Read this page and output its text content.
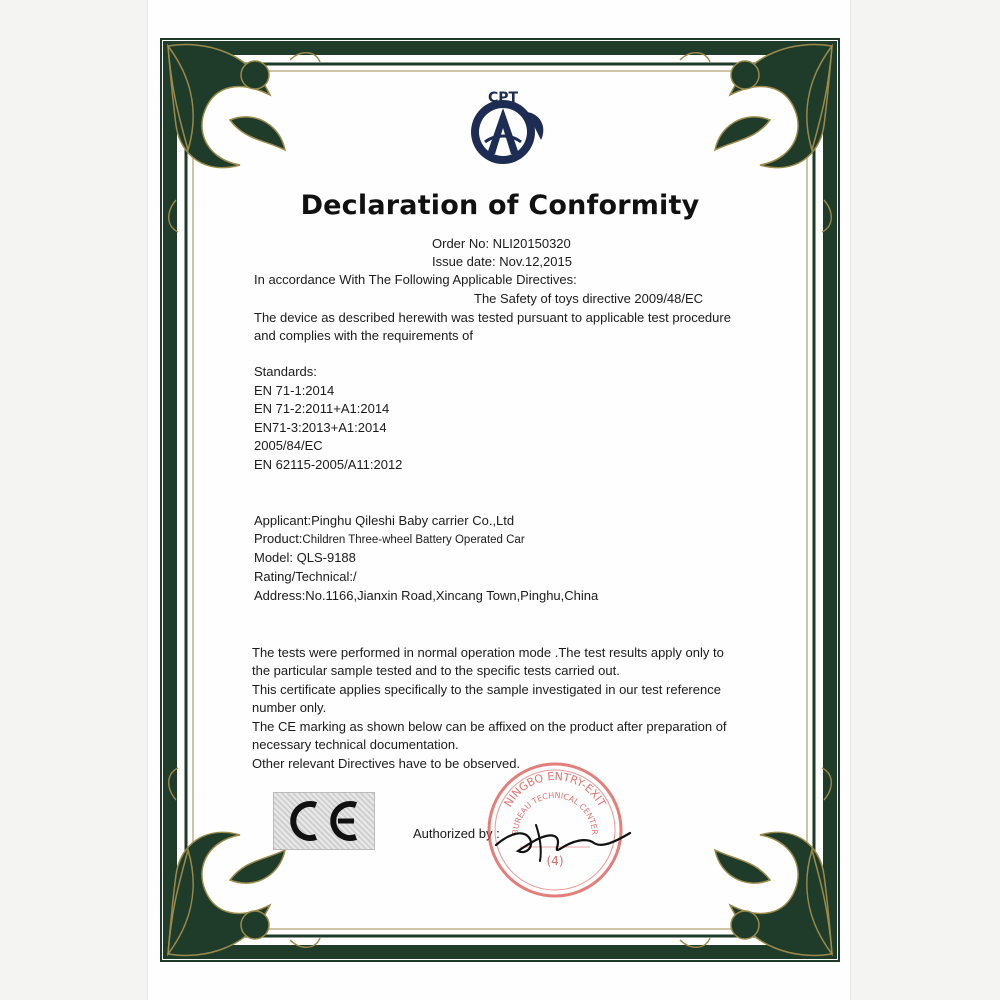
CPT
Declaration of Conformity
Order No: NLI20150320
Issue date: Nov.12,2015
In accordance With The Following Applicable Directives:
The Safety of toys directive 2009/48/EC
The device as described herewith was tested pursuant to applicable test procedure
and complies with the requirements of
Standards:
EN 71-1:2014
EN 71-2:2011+A1:2014
EN71-3:2013+A1:2014
2005/84/EC
EN 62115-2005/A11:2012
Applicant:Pinghu Qileshi Baby carrier Co.,Ltd
Product:Children Three-wheel Battery Operated Car
Model: QLS-9188
Rating/Technical:/
Address:No.1166,Jianxin Road,Xincang Town,Pinghu,China
The tests were performed in normal operation mode .The test results apply only to
the particular sample tested and to the specific tests carried out.
This certificate applies specifically to the sample investigated in our test reference
number only.
The CE marking as shown below can be affixed on the product after preparation of
necessary technical documentation.
Other relevant Directives have to be observed.
CE
Authorized by :
NINGBO ENTRY-EXIT
BUREAU TECHNICAL CENTER
(4)
